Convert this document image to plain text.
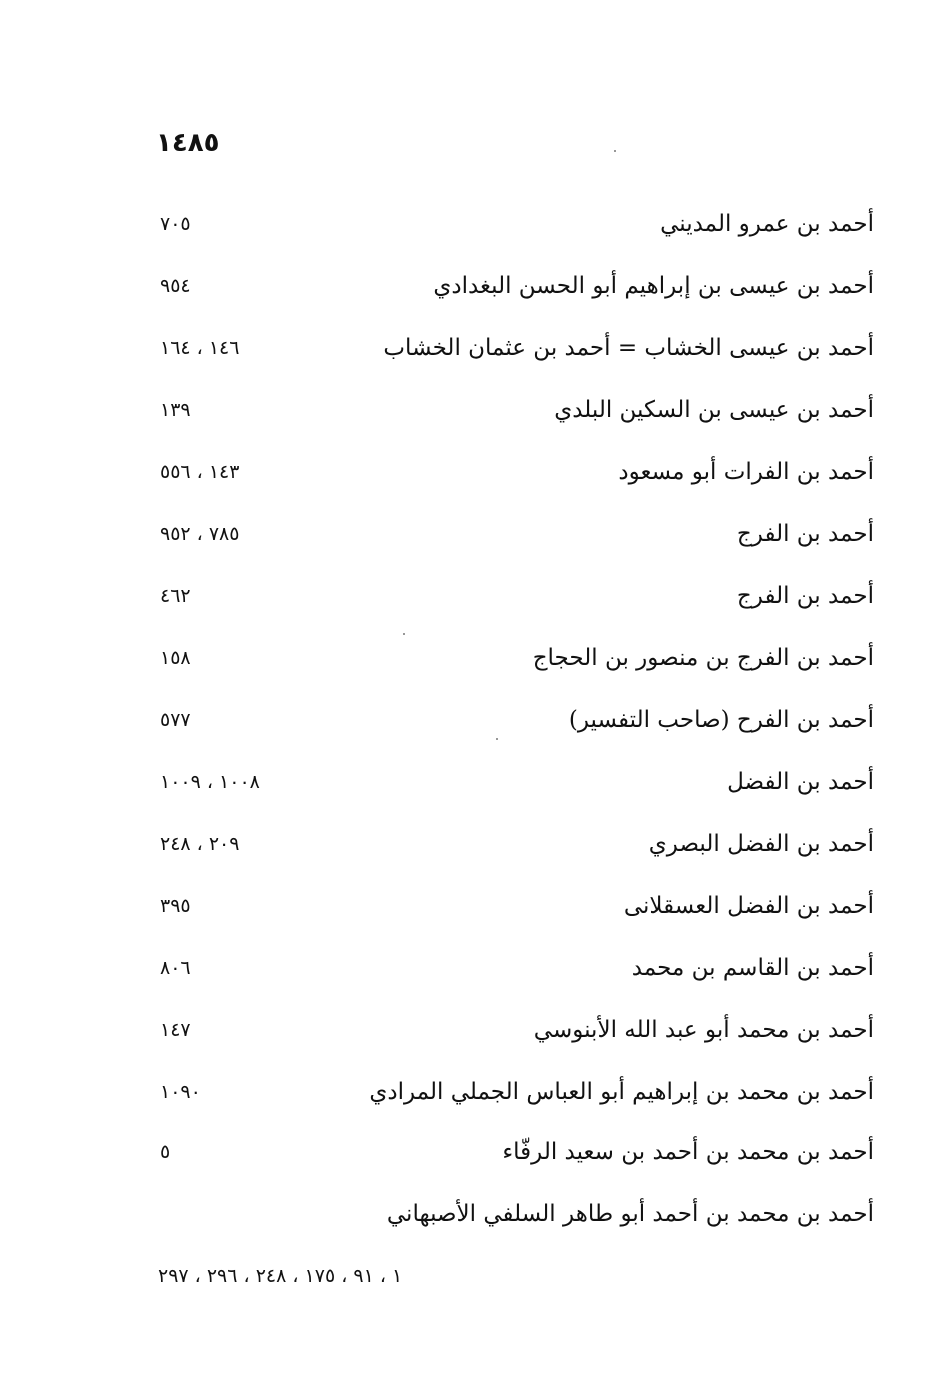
١٤٨٥
أحمد بن عمرو المديني
٧٠٥
أحمد بن عيسى بن إبراهيم أبو الحسن البغدادي
٩٥٤
أحمد بن عيسى الخشاب = أحمد بن عثمان الخشاب
١٤٦ ، ١٦٤
أحمد بن عيسى بن السكين البلدي
١٣٩
أحمد بن الفرات أبو مسعود
١٤٣ ، ٥٥٦
أحمد بن الفرج
٧٨٥ ، ٩٥٢
أحمد بن الفرج
٤٦٢
أحمد بن الفرج بن منصور بن الحجاج
١٥٨
أحمد بن الفرح (صاحب التفسير)
٥٧٧
أحمد بن الفضل
١٠٠٨ ، ١٠٠٩
أحمد بن الفضل البصري
٢٠٩ ، ٢٤٨
أحمد بن الفضل العسقلانى
٣٩٥
أحمد بن القاسم بن محمد
٨٠٦
أحمد بن محمد أبو عبد الله الأبنوسي
١٤٧
أحمد بن محمد بن إبراهيم أبو العباس الجملي المرادي
١٠٩٠
أحمد بن محمد بن أحمد بن سعيد الرفّاء
٥
أحمد بن محمد بن أحمد أبو طاهر السلفي الأصبهاني
١ ، ٩١ ، ١٧٥ ، ٢٤٨ ، ٢٩٦ ، ٢٩٧
